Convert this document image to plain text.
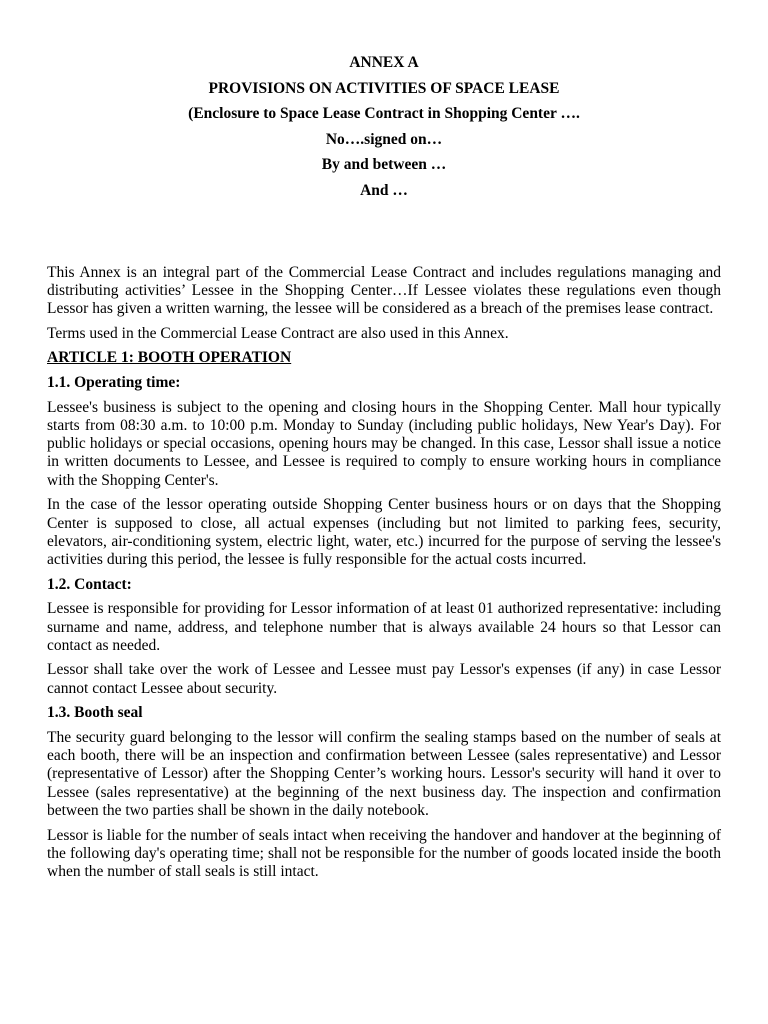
ANNEX A

PROVISIONS ON ACTIVITIES OF SPACE LEASE

(Enclosure to Space Lease Contract in Shopping Center ….

No….signed on…

By and between …

And …

This Annex is an integral part of the Commercial Lease Contract and includes regulations managing and distributing activities’ Lessee in the Shopping Center…If Lessee violates these regulations even though Lessor has given a written warning, the lessee will be considered as a breach of the premises lease contract.

Terms used in the Commercial Lease Contract are also used in this Annex.

ARTICLE 1: BOOTH OPERATION
1.1. Operating time:

Lessee's business is subject to the opening and closing hours in the Shopping Center. Mall hour typically starts from 08:30 a.m. to 10:00 p.m. Monday to Sunday (including public holidays, New Year's Day). For public holidays or special occasions, opening hours may be changed. In this case, Lessor shall issue a notice in written documents to Lessee, and Lessee is required to comply to ensure working hours in compliance with the Shopping Center's.

In the case of the lessor operating outside Shopping Center business hours or on days that the Shopping Center is supposed to close, all actual expenses (including but not limited to parking fees, security, elevators, air-conditioning system, electric light, water, etc.) incurred for the purpose of serving the lessee's activities during this period, the lessee is fully responsible for the actual costs incurred.

1.2. Contact:

Lessee is responsible for providing for Lessor information of at least 01 authorized representative: including surname and name, address, and telephone number that is always available 24 hours so that Lessor can contact as needed.

Lessor shall take over the work of Lessee and Lessee must pay Lessor's expenses (if any) in case Lessor cannot contact Lessee about security.

1.3. Booth seal

The security guard belonging to the lessor will confirm the sealing stamps based on the number of seals at each booth, there will be an inspection and confirmation between Lessee (sales representative) and Lessor (representative of Lessor) after the Shopping Center’s working hours. Lessor's security will hand it over to Lessee (sales representative) at the beginning of the next business day. The inspection and confirmation between the two parties shall be shown in the daily notebook.

Lessor is liable for the number of seals intact when receiving the handover and handover at the beginning of the following day's operating time; shall not be responsible for the number of goods located inside the booth when the number of stall seals is still intact.
